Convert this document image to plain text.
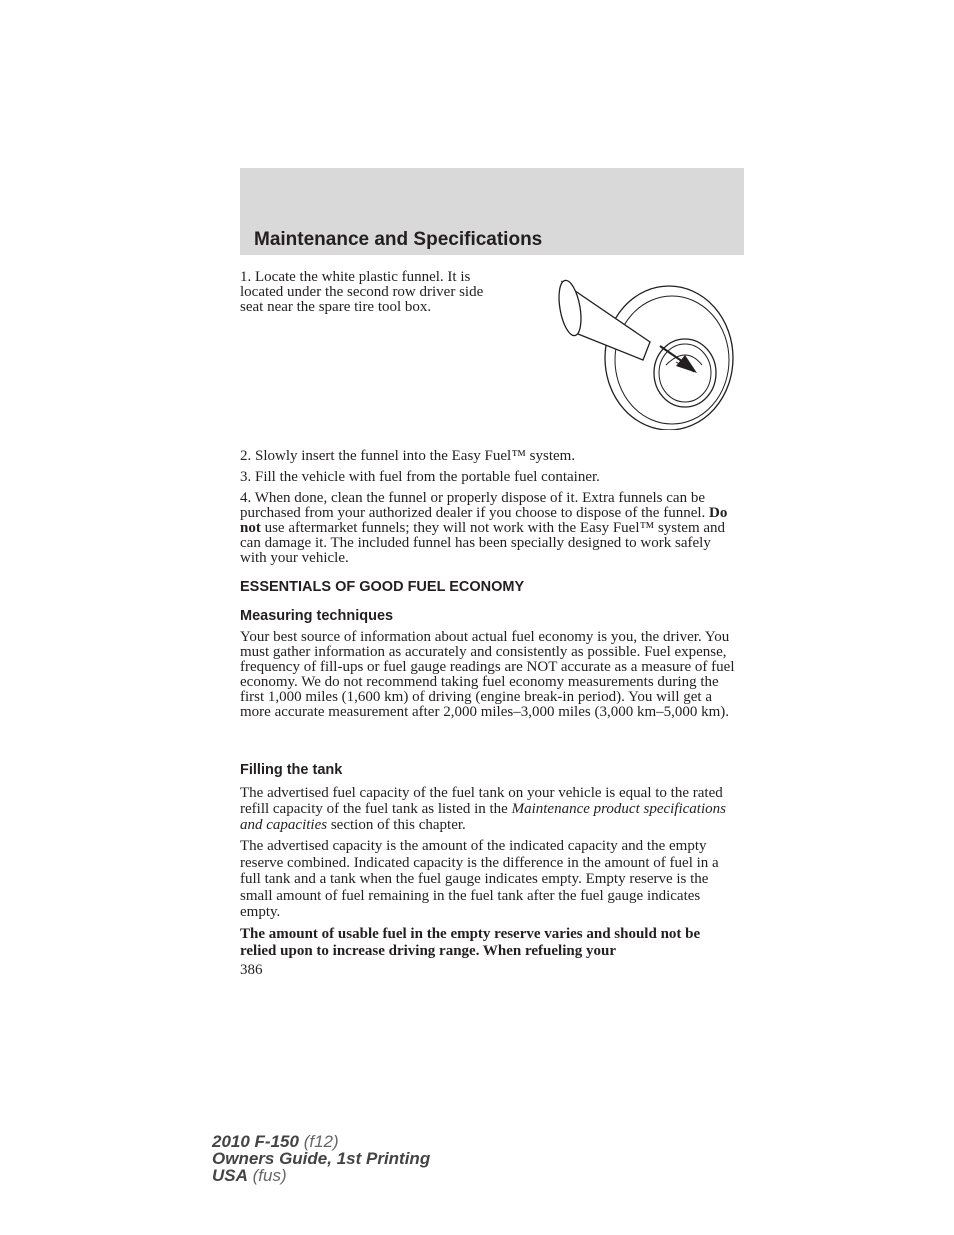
Maintenance and Specifications
1. Locate the white plastic funnel. It is located under the second row driver side seat near the spare tire tool box.

2. Slowly insert the funnel into the Easy Fuel™ system.

3. Fill the vehicle with fuel from the portable fuel container.

4. When done, clean the funnel or properly dispose of it. Extra funnels can be purchased from your authorized dealer if you choose to dispose of the funnel. Do not use aftermarket funnels; they will not work with the Easy Fuel™ system and can damage it. The included funnel has been specially designed to work safely with your vehicle.

ESSENTIALS OF GOOD FUEL ECONOMY
Measuring techniques

Your best source of information about actual fuel economy is you, the driver. You must gather information as accurately and consistently as possible. Fuel expense, frequency of fill-ups or fuel gauge readings are NOT accurate as a measure of fuel economy. We do not recommend taking fuel economy measurements during the first 1,000 miles (1,600 km) of driving (engine break-in period). You will get a more accurate measurement after 2,000 miles–3,000 miles (3,000 km–5,000 km).

Filling the tank

The advertised fuel capacity of the fuel tank on your vehicle is equal to the rated refill capacity of the fuel tank as listed in the Maintenance product specifications and capacities section of this chapter.

The advertised capacity is the amount of the indicated capacity and the empty reserve combined. Indicated capacity is the difference in the amount of fuel in a full tank and a tank when the fuel gauge indicates empty. Empty reserve is the small amount of fuel remaining in the fuel tank after the fuel gauge indicates empty.

The amount of usable fuel in the empty reserve varies and should not be relied upon to increase driving range. When refueling your

386
2010 F-150 (f12)
Owners Guide, 1st Printing
USA (fus)
